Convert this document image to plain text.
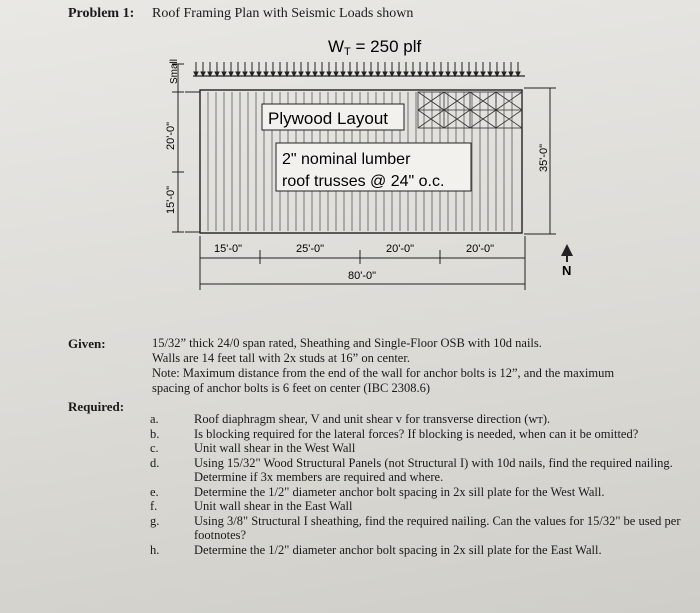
Problem 1: Roof Framing Plan with Seismic Loads shown
WT = 250 plf
Plywood Layout
2" nominal lumber
roof trusses @ 24" o.c.
Small
20'-0"
15'-0"
35'-0"
15'-0"	25'-0"	20'-0"	20'-0"
80'-0"	N
Given:	15/32” thick 24/0 span rated, Sheathing and Single-Floor OSB with 10d nails.
Walls are 14 feet tall with 2x studs at 16” on center.
Note: Maximum distance from the end of the wall for anchor bolts is 12”, and the maximum
spacing of anchor bolts is 6 feet on center (IBC 2308.6)
Required:
a.	Roof diaphragm shear, V and unit shear v for transverse direction (wᴛ).
b.	Is blocking required for the lateral forces? If blocking is needed, when can it be omitted?
c.	Unit wall shear in the West Wall
d.	Using 15/32" Wood Structural Panels (not Structural I) with 10d nails, find the required nailing. Determine if 3x members are required and where.
e.	Determine the 1/2" diameter anchor bolt spacing in 2x sill plate for the West Wall.
f.	Unit wall shear in the East Wall
g.	Using 3/8" Structural I sheathing, find the required nailing. Can the values for 15/32" be used per footnotes?
h.	Determine the 1/2" diameter anchor bolt spacing in 2x sill plate for the East Wall.
